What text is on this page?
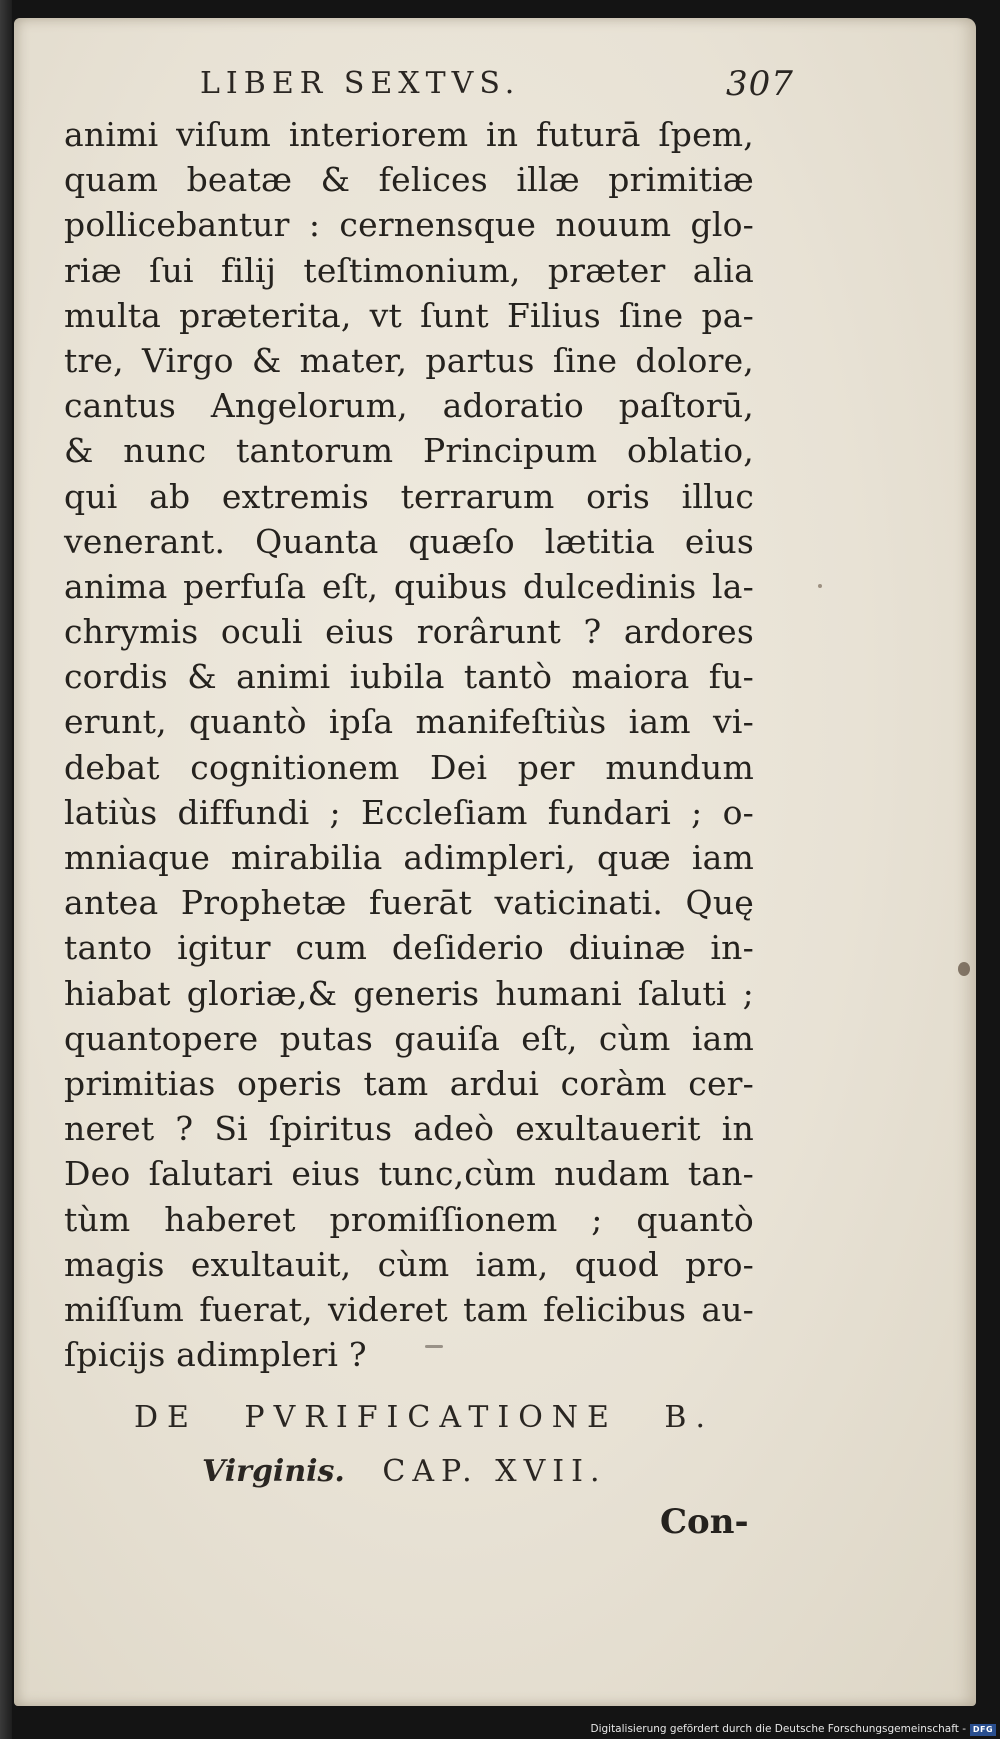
LIBER SEXTVS.	307
animi viſum interiorem in futurā ſpem,
quam beatæ & felices illæ primitiæ
pollicebantur : cernensque nouum glo-
riæ ſui filij teſtimonium, præter alia
multa præterita, vt ſunt Filius ſine pa-
tre, Virgo & mater, partus ſine dolore,
cantus Angelorum, adoratio paſtorū,
& nunc tantorum Principum oblatio,
qui ab extremis terrarum oris illuc
venerant. Quanta quæſo lætitia eius
anima perfuſa eſt, quibus dulcedinis la-
chrymis oculi eius rorârunt ? ardores
cordis & animi iubila tantò maiora fu-
erunt, quantò ipſa manifeſtiùs iam vi-
debat cognitionem Dei per mundum
latiùs diffundi ; Eccleſiam fundari ; o-
mniaque mirabilia adimpleri, quæ iam
antea Prophetæ fuerāt vaticinati. Quę
tanto igitur cum deſiderio diuinæ in-
hiabat gloriæ,& generis humani ſaluti ;
quantopere putas gauiſa eſt, cùm iam
primitias operis tam ardui coràm cer-
neret ? Si ſpiritus adeò exultauerit in
Deo ſalutari eius tunc,cùm nudam tan-
tùm haberet promiſſionem ; quantò
magis exultauit, cùm iam, quod pro-
miſſum fuerat, videret tam felicibus au-
ſpicijs adimpleri ?
DE PVRIFICATIONE B.
Virginis. CAP. XVII.
Con-
Digitalisierung gefördert durch die Deutsche Forschungsgemeinschaft - DFG
